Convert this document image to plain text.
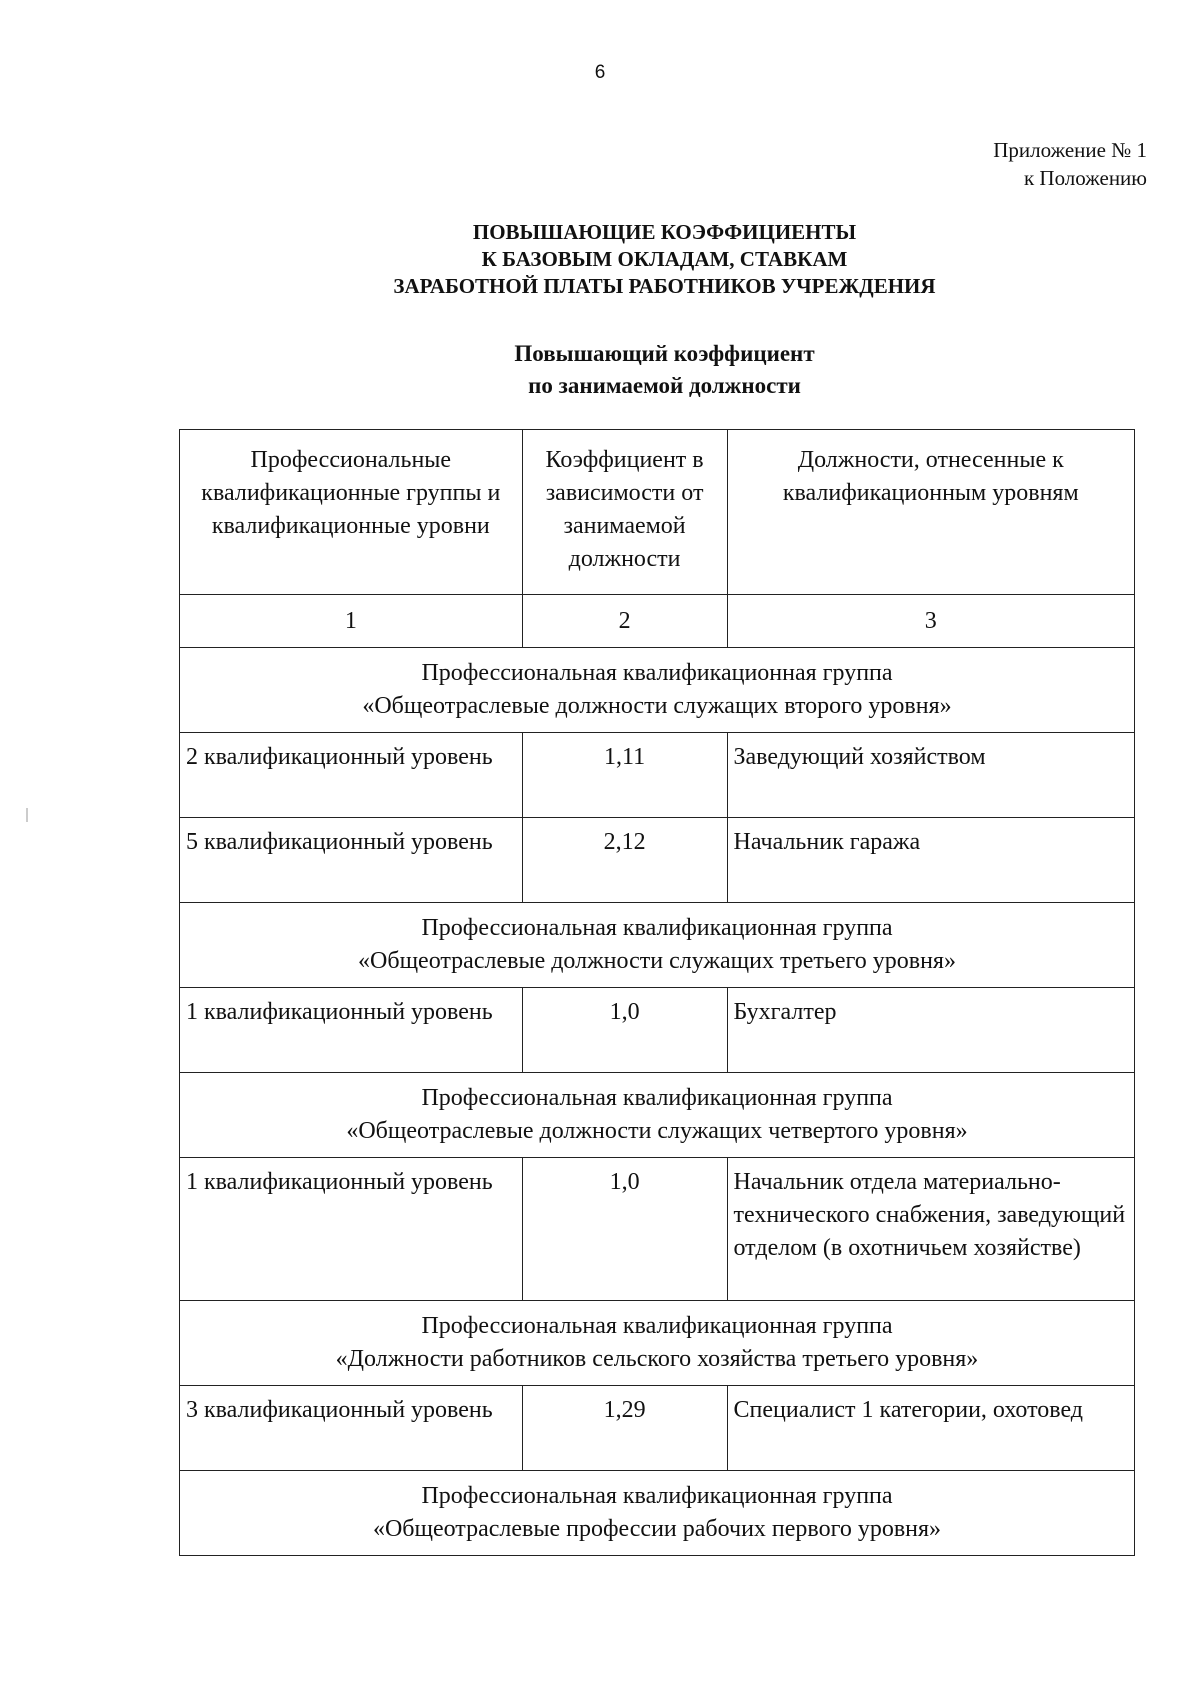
6
Приложение № 1
к Положению
ПОВЫШАЮЩИЕ КОЭФФИЦИЕНТЫ
К БАЗОВЫМ ОКЛАДАМ, СТАВКАМ
ЗАРАБОТНОЙ ПЛАТЫ РАБОТНИКОВ УЧРЕЖДЕНИЯ
Повышающий коэффициент
по занимаемой должности
Профессиональные квалификационные группы и квалификационные уровни	Коэффициент в зависимости от занимаемой должности	Должности, отнесенные к квалификационным уровням
1	2	3

Профессиональная квалификационная группа
«Общеотраслевые должности служащих второго уровня»		

2 квалификационный уровень	1,11	Заведующий хозяйством
5 квалификационный уровень	2,12	Начальник гаража

Профессиональная квалификационная группа
«Общеотраслевые должности служащих третьего уровня»		

1 квалификационный уровень	1,0	Бухгалтер

Профессиональная квалификационная группа
«Общеотраслевые должности служащих четвертого уровня»		

1 квалификационный уровень	1,0	Начальник отдела материально-технического снабжения, заведующий отделом (в охотничьем хозяйстве)

Профессиональная квалификационная группа
«Должности работников сельского хозяйства третьего уровня»		

3 квалификационный уровень	1,29	Специалист 1 категории, охотовед

Профессиональная квалификационная группа
«Общеотраслевые профессии рабочих первого уровня»		
